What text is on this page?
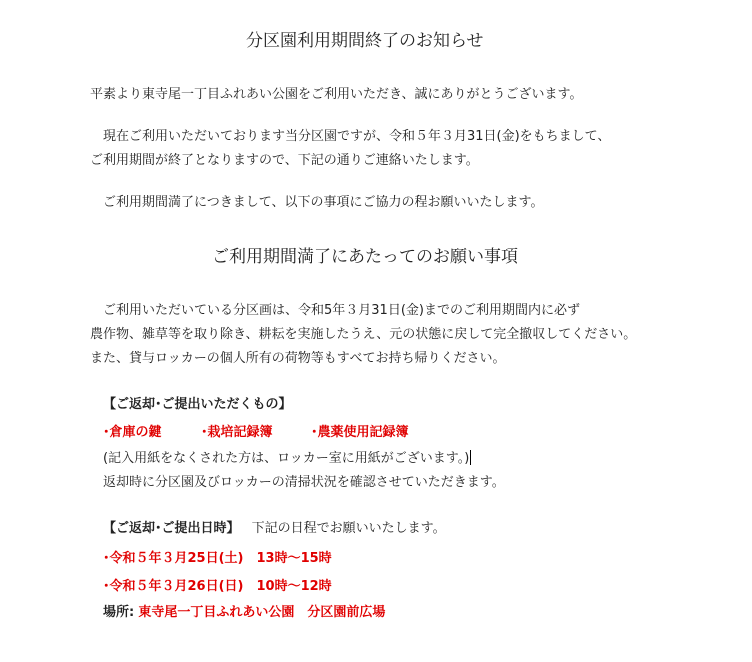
分区園利用期間終了のお知らせ
平素より東寺尾一丁目ふれあい公園をご利用いただき、誠にありがとうございます。
　現在ご利用いただいております当分区園ですが、令和５年３月31日(金)をもちまして、
ご利用期間が終了となりますので、下記の通りご連絡いたします。
　ご利用期間満了につきまして、以下の事項にご協力の程お願いいたします。
ご利用期間満了にあたってのお願い事項
　ご利用いただいている分区画は、令和5年３月31日(金)までのご利用期間内に必ず
農作物、雑草等を取り除き、耕耘を実施したうえ、元の状態に戻して完全撤収してください。
また、貸与ロッカーの個人所有の荷物等もすべてお持ち帰りください。
【ご返却･ご提出いただくもの】
･倉庫の鍵	･栽培記録簿	･農薬使用記録簿
(記入用紙をなくされた方は、ロッカー室に用紙がございます。)
返却時に分区園及びロッカーの清掃状況を確認させていただきます。
【ご返却･ご提出日時】 下記の日程でお願いいたします。
･令和５年３月25日(土)　13時～15時
･令和５年３月26日(日)　10時～12時
場所: 東寺尾一丁目ふれあい公園　分区園前広場
